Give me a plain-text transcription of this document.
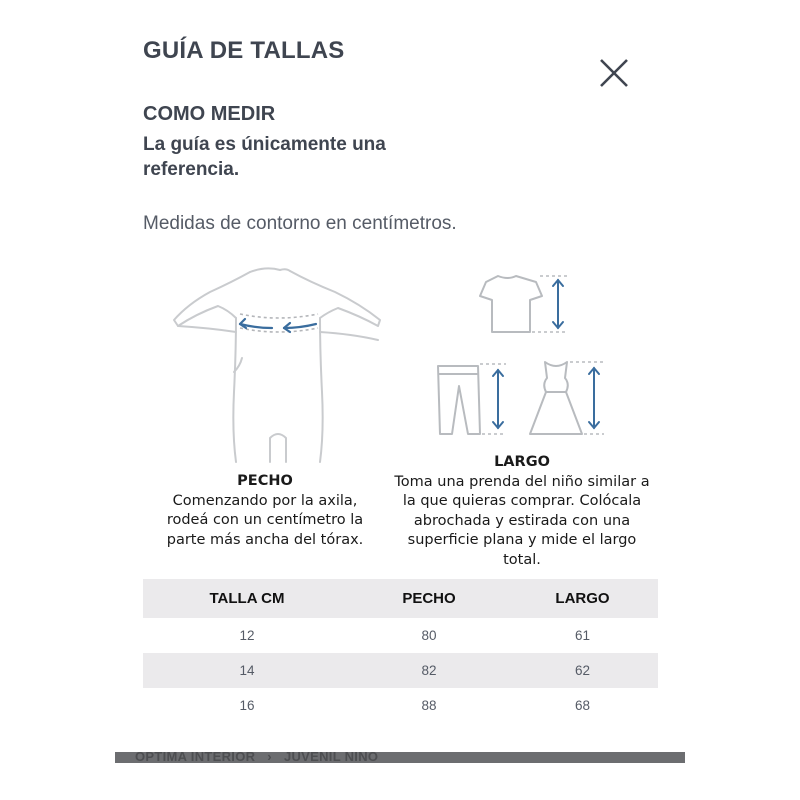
GUÍA DE TALLAS
COMO MEDIR

La guía es únicamente una referencia.

Medidas de contorno en centímetros.

PECHO
Comenzando por la axila, rodeá con un centímetro la parte más ancha del tórax.
LARGO
Toma una prenda del niño similar a la que quieras comprar. Colócala abrochada y estirada con una superficie plana y mide el largo total.
TALLA CM	PECHO	LARGO
12	80	61
14	82	62
16	88	68
OPTIMA INTERIOR › JUVENIL NINO
